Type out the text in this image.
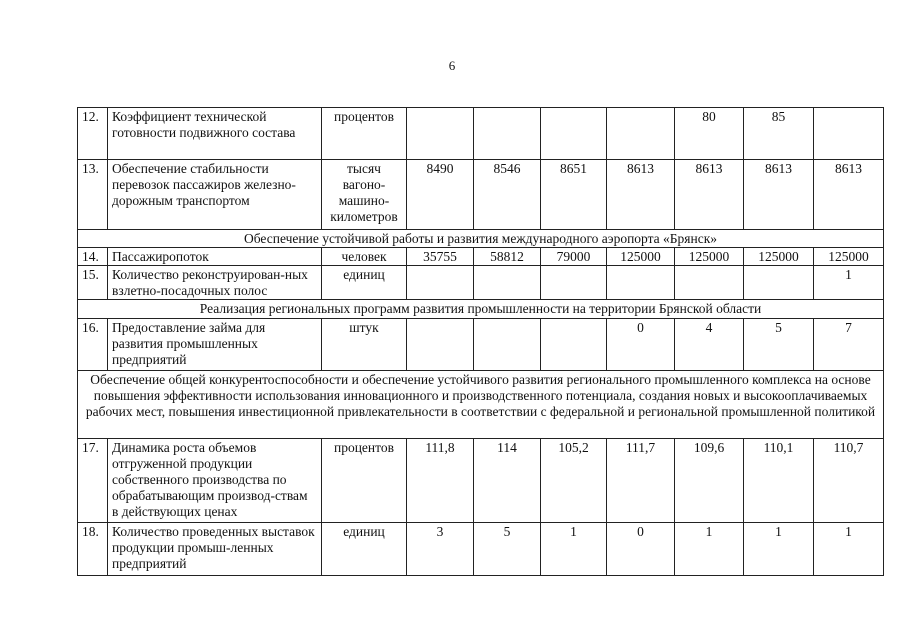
6
12.	Коэффициент технической готовности подвижного состава	процентов					80	85	
13.	Обеспечение стабильности перевозок пассажиров железно-дорожным транспортом	тысяч вагоно-машино-километров	8490	8546	8651	8613	8613	8613	8613
Обеспечение устойчивой работы и развития международного аэропорта «Брянск»									
14.	Пассажиропоток	человек	35755	58812	79000	125000	125000	125000	125000
15.	Количество реконструирован-ных взлетно-посадочных полос	единиц							1
Реализация региональных программ развития промышленности на территории Брянской области									
16.	Предоставление займа для развития промышленных предприятий	штук				0	4	5	7
Обеспечение общей конкурентоспособности и обеспечение устойчивого развития регионального промышленного комплекса на основе повышения эффективности использования инновационного и производственного потенциала, создания новых и высокооплачиваемых рабочих мест, повышения инвестиционной привлекательности в соответствии с федеральной и региональной промышленной политикой									
17.	Динамика роста объемов отгруженной продукции собственного производства по обрабатывающим производ-ствам в действующих ценах	процентов	111,8	114	105,2	111,7	109,6	110,1	110,7
18.	Количество проведенных выставок продукции промыш-ленных предприятий	единиц	3	5	1	0	1	1	1
